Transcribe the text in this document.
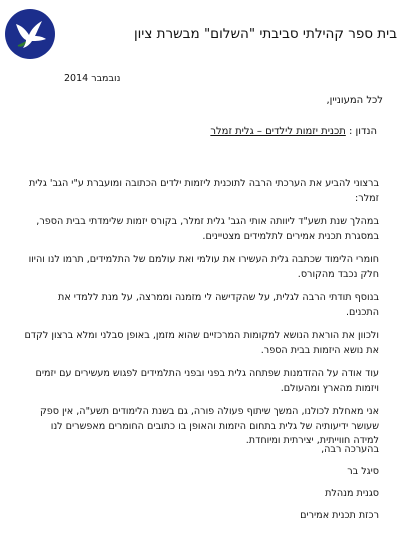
בית ספר קהילתי סביבתי "השלום" מבשרת ציון
נובמבר 2014
לכל המעוניין,
הנדון : תכנית יזמות לילדים – גלית זמלר

ברצוני להביע את הערכתי הרבה לתוכנית ליזמות ילדים הכתובה ומועברת ע"י הגב' גלית זמלר:

במהלך שנת תשע"ד ליוותה אותי הגב' גלית זמלר, בקורס יזמות שלימדתי בבית הספר, במסגרת תכנית אמירים לתלמידים מצטיינים.

חומרי הלימוד שכתבה גלית העשירו את עולמי ואת עולמם של התלמידים, תרמו לנו והיוו חלק נכבד מהקורס.

בנוסף תודתי הרבה לגלית, על שהקדישה לי מזמנה וממרצה, על מנת ללמדי את התכנים.

ולכוון את הוראת הנושא למקומות המרכזיים שהוא מזמן, באופן סבלני ומלא ברצון לקדם את נושא היזמות בבית הספר.

עוד אודה על ההזדמנות שפתחה גלית בפני ובפני התלמידים לפגוש מעשירים עם יזמים ויזמות מהארץ ומהעולם.

אני מאחלת לכולנו, המשך שיתוף פעולה פורה, גם בשנת הלימודים תשע"ה, אין ספק שעושר ידיעותיה של גלית בתחום היזמות והאופן בו כתובים החומרים מאפשרים לנו למידה חווייתית, יצירתית ומיוחדת.

בהערכה רבה,
סיגל בר
סגנית מנהלת
רכזת תכנית אמירים
